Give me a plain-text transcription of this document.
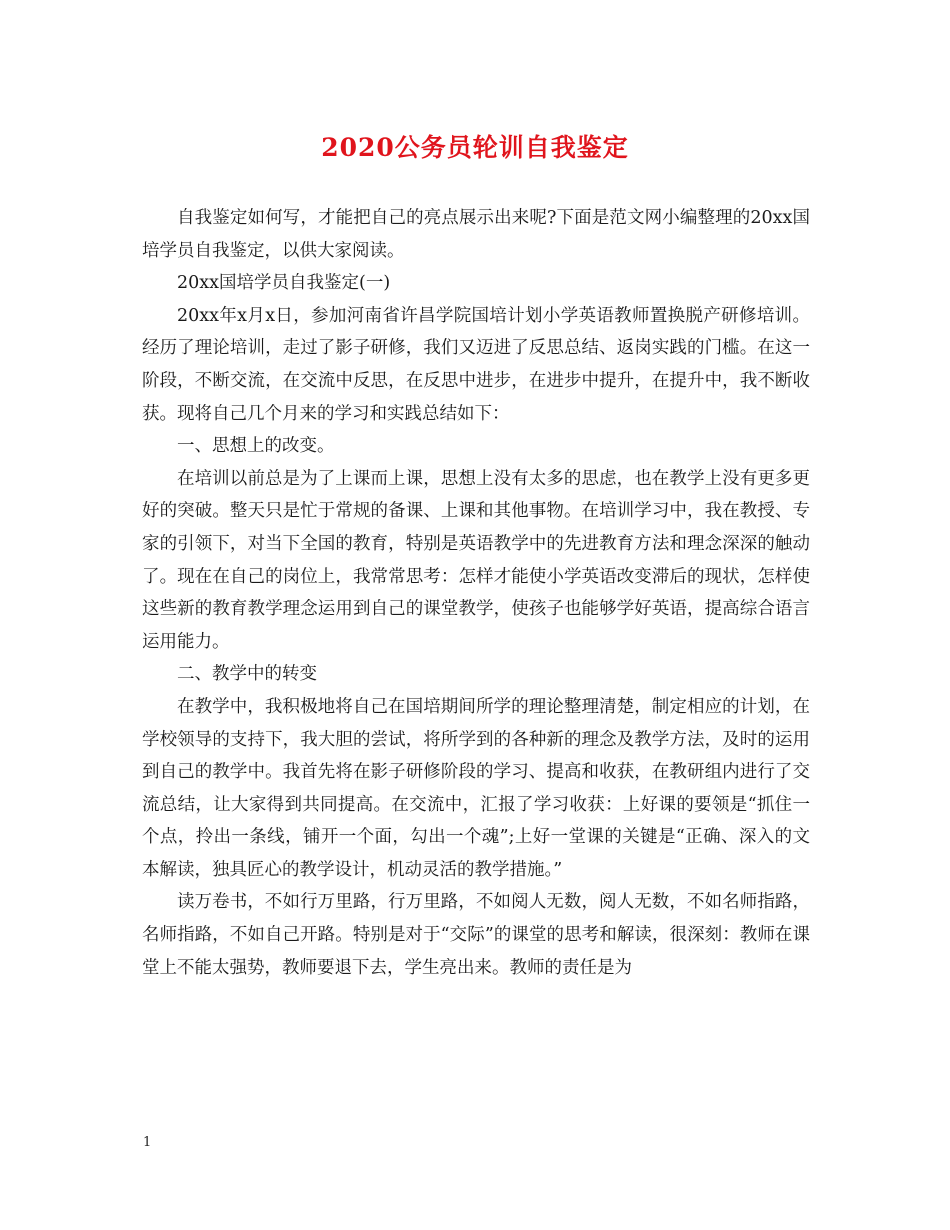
2020公务员轮训自我鉴定

自我鉴定如何写，才能把自己的亮点展示出来呢?下面是范文网小编整理的20xx国培学员自我鉴定，以供大家阅读。

20xx国培学员自我鉴定(一)

20xx年x月x日，参加河南省许昌学院国培计划小学英语教师置换脱产研修培训。经历了理论培训，走过了影子研修，我们又迈进了反思总结、返岗实践的门槛。在这一阶段，不断交流，在交流中反思，在反思中进步，在进步中提升，在提升中，我不断收获。现将自己几个月来的学习和实践总结如下：

一、思想上的改变。

在培训以前总是为了上课而上课，思想上没有太多的思虑，也在教学上没有更多更好的突破。整天只是忙于常规的备课、上课和其他事物。在培训学习中，我在教授、专家的引领下，对当下全国的教育，特别是英语教学中的先进教育方法和理念深深的触动了。现在在自己的岗位上，我常常思考：怎样才能使小学英语改变滞后的现状，怎样使这些新的教育教学理念运用到自己的课堂教学，使孩子也能够学好英语，提高综合语言运用能力。

二、教学中的转变

在教学中，我积极地将自己在国培期间所学的理论整理清楚，制定相应的计划，在学校领导的支持下，我大胆的尝试，将所学到的各种新的理念及教学方法，及时的运用到自己的教学中。我首先将在影子研修阶段的学习、提高和收获，在教研组内进行了交流总结，让大家得到共同提高。在交流中，汇报了学习收获：上好课的要领是“抓住一个点，拎出一条线，铺开一个面，勾出一个魂”;上好一堂课的关键是“正确、深入的文本解读，独具匠心的教学设计，机动灵活的教学措施。”

读万卷书，不如行万里路，行万里路，不如阅人无数，阅人无数，不如名师指路，名师指路，不如自己开路。特别是对于“交际”的课堂的思考和解读，很深刻：教师在课堂上不能太强势，教师要退下去，学生亮出来。教师的责任是为

1
